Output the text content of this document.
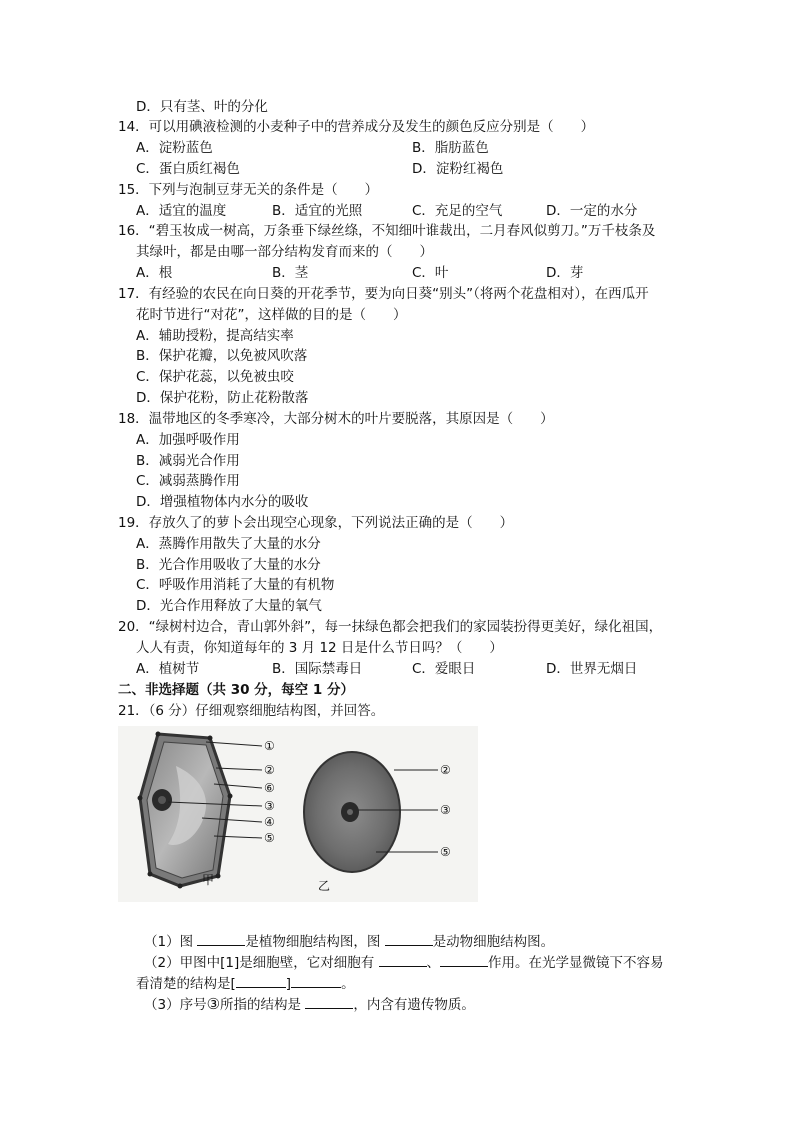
D．只有茎、叶的分化
14．可以用碘液检测的小麦种子中的营养成分及发生的颜色反应分别是（　　）
A．淀粉蓝色	B．脂肪蓝色
C．蛋白质红褐色	D．淀粉红褐色
15．下列与泡制豆芽无关的条件是（　　）
A．适宜的温度	B．适宜的光照	C．充足的空气	D．一定的水分
16．“碧玉妆成一树高，万条垂下绿丝绦，不知细叶谁裁出，二月春风似剪刀。”万千枝条及
其绿叶，都是由哪一部分结构发育而来的（　　）
A．根	B．茎	C．叶	D．芽
17．有经验的农民在向日葵的开花季节，要为向日葵“别头”（将两个花盘相对），在西瓜开
花时节进行“对花”，这样做的目的是（　　）
A．辅助授粉，提高结实率
B．保护花瓣，以免被风吹落
C．保护花蕊，以免被虫咬
D．保护花粉，防止花粉散落
18．温带地区的冬季寒冷，大部分树木的叶片要脱落，其原因是（　　）
A．加强呼吸作用
B．减弱光合作用
C．减弱蒸腾作用
D．增强植物体内水分的吸收
19．存放久了的萝卜会出现空心现象，下列说法正确的是（　　）
A．蒸腾作用散失了大量的水分
B．光合作用吸收了大量的水分
C．呼吸作用消耗了大量的有机物
D．光合作用释放了大量的氧气
20．“绿树村边合，青山郭外斜”，每一抹绿色都会把我们的家园装扮得更美好，绿化祖国，
人人有责，你知道每年的 3 月 12 日是什么节日吗？（　　）
A．植树节	B．国际禁毒日	C．爱眼日	D．世界无烟日
二、非选择题（共 30 分，每空 1 分）
21．（6 分）仔细观察细胞结构图，并回答。
①
②
⑥
③
④
⑤
甲
②
③
⑤
乙
（1）图	是植物细胞结构图，图	是动物细胞结构图。
（2）甲图中[1]是细胞壁，它对细胞有	、	作用。在光学显微镜下不容易
看清楚的结构是[	]	。
（3）序号③所指的结构是	，内含有遗传物质。
